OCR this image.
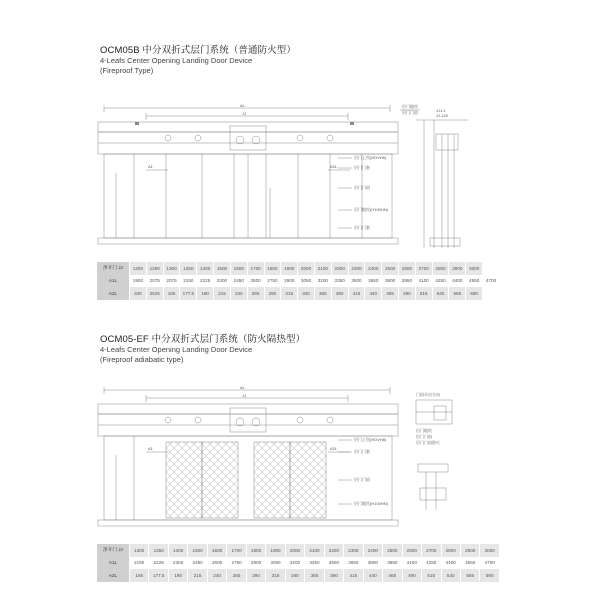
OCM05B 中分双折式层门系统（普通防火型）
4-Leafs Center Opening Landing Door Device
(Fireproof Type)
AL
JJ
A1	A2L
层门上坎(HDVH8)
层门门套
层门门扇
层门地坎(H100HN)
层门门套
层门地坎
层门门扇	JJ1-1
JJ-120
净开门 JJ	1200	1250	1300	1350	1400	1500	1600	1700	1800	1900	2000	2100	2200	2300	2400	2500	2600	2700	2800	2900	3000	
A1L	1900	2075	2075	2150	2225	2300	2450	2600	2750	2900	3050	3200	3350	3500	3650	3800	3950	4100	4250	4400	4550	4700
A2L	340	2525	165	177.5	190	215	240	265	290	315	340	365	390	415	440	465	490	515	540	565	590	
OCM05-EF 中分双折式层门系统（防火隔热型）
4-Leafs Center Opening Landing Door Device
(Fireproof adiabatic type)
AL
JJ
A1	A2L
层门上坎(HDVH8)
层门门套
层门门扇
层门地坎(H100HN)
门扇开启方向
层门地坎
层门门扇
层门门扇防火
净开门 JJ	1300	1350	1400	1500	1600	1700	1800	1900	2000	2100	2200	2300	2400	2500	2600	2700	2800	2900	3000
A1L	2150	2225	2300	2450	2600	2750	2900	3050	3200	3350	3500	3650	3800	3950	4100	4250	4400	4550	4700
A2L	165	177.5	190	215	240	265	290	315	340	365	390	415	440	465	490	515	540	565	590
